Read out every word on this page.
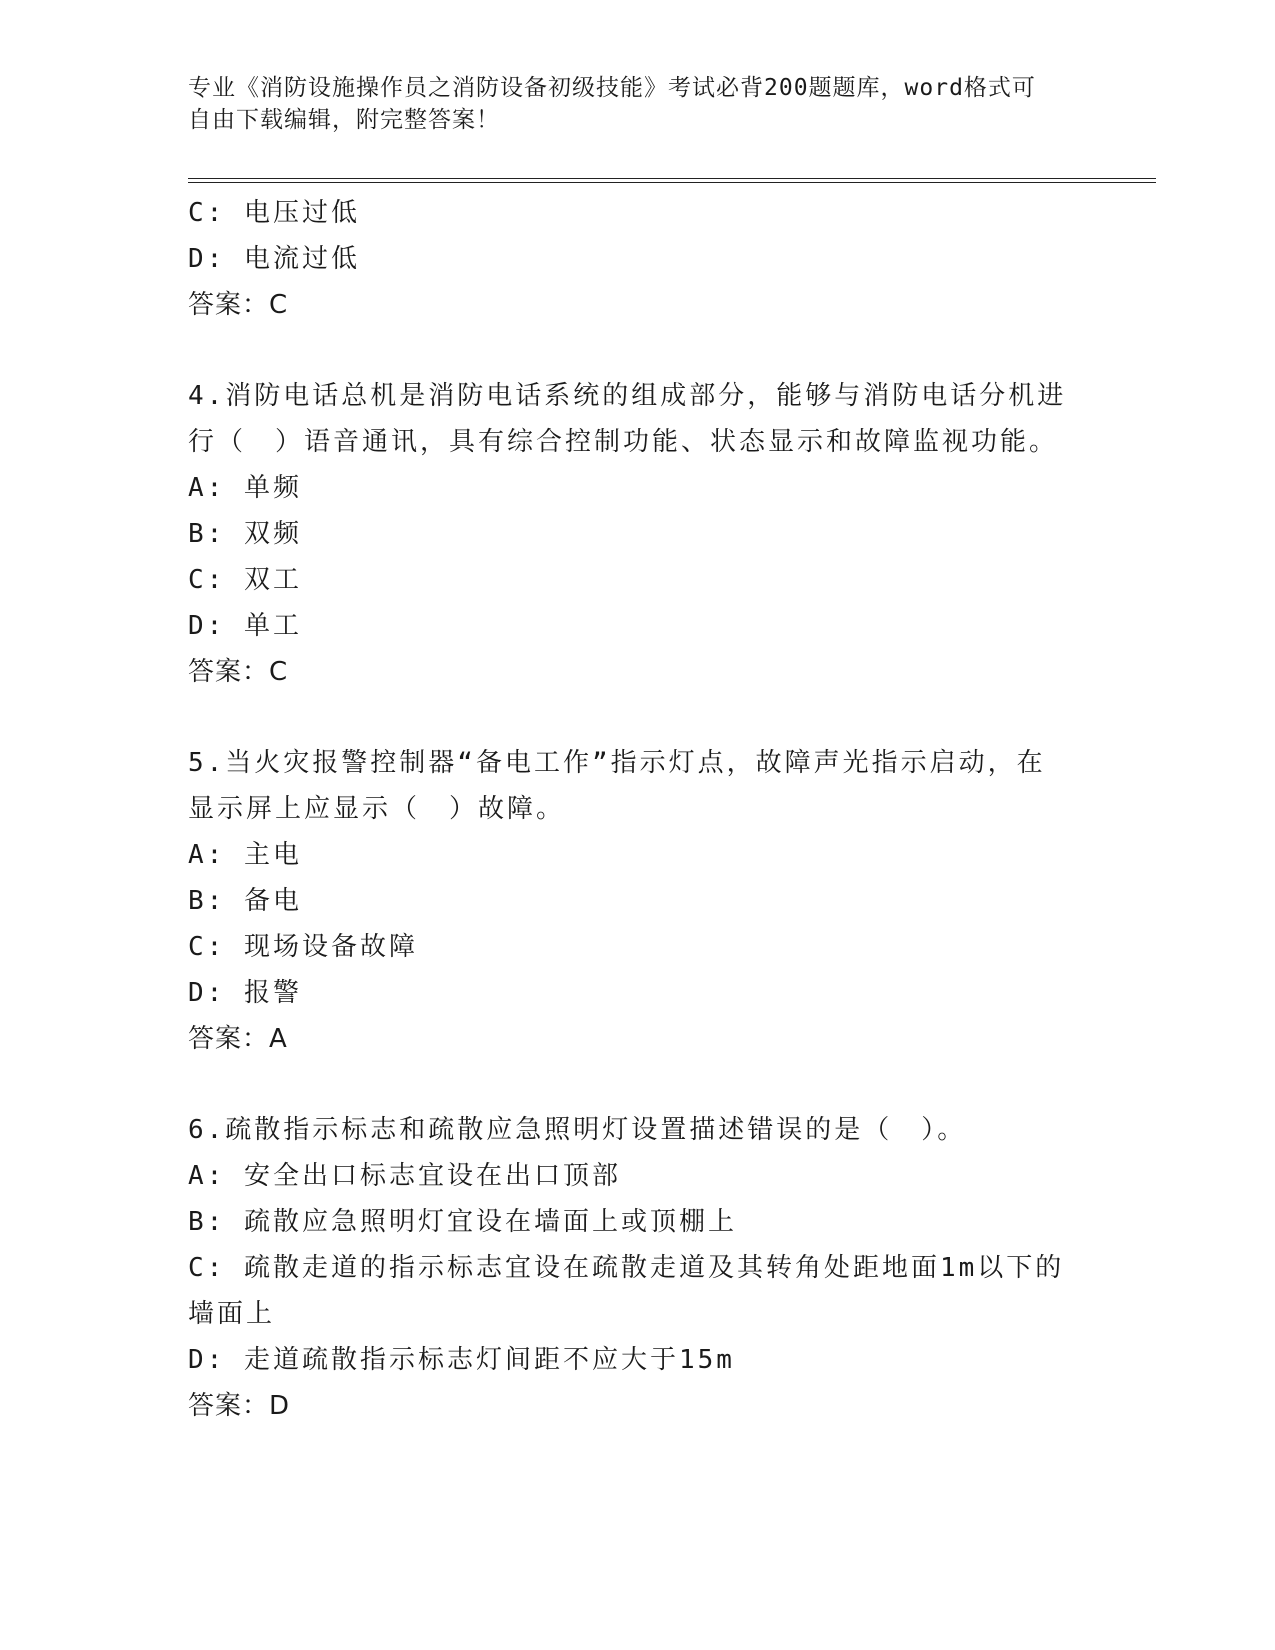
专业《消防设施操作员之消防设备初级技能》考试必背200题题库，word格式可
自由下载编辑，附完整答案！
C: 电压过低
D: 电流过低
答案：C
4.消防电话总机是消防电话系统的组成部分，能够与消防电话分机进
行（　）语音通讯，具有综合控制功能、状态显示和故障监视功能。
A: 单频
B: 双频
C: 双工
D: 单工
答案：C
5.当火灾报警控制器“备电工作”指示灯点，故障声光指示启动，在
显示屏上应显示（　）故障。
A: 主电
B: 备电
C: 现场设备故障
D: 报警
答案：A
6.疏散指示标志和疏散应急照明灯设置描述错误的是（　）。
A: 安全出口标志宜设在出口顶部
B: 疏散应急照明灯宜设在墙面上或顶棚上
C: 疏散走道的指示标志宜设在疏散走道及其转角处距地面1m以下的
墙面上
D: 走道疏散指示标志灯间距不应大于15m
答案：D
